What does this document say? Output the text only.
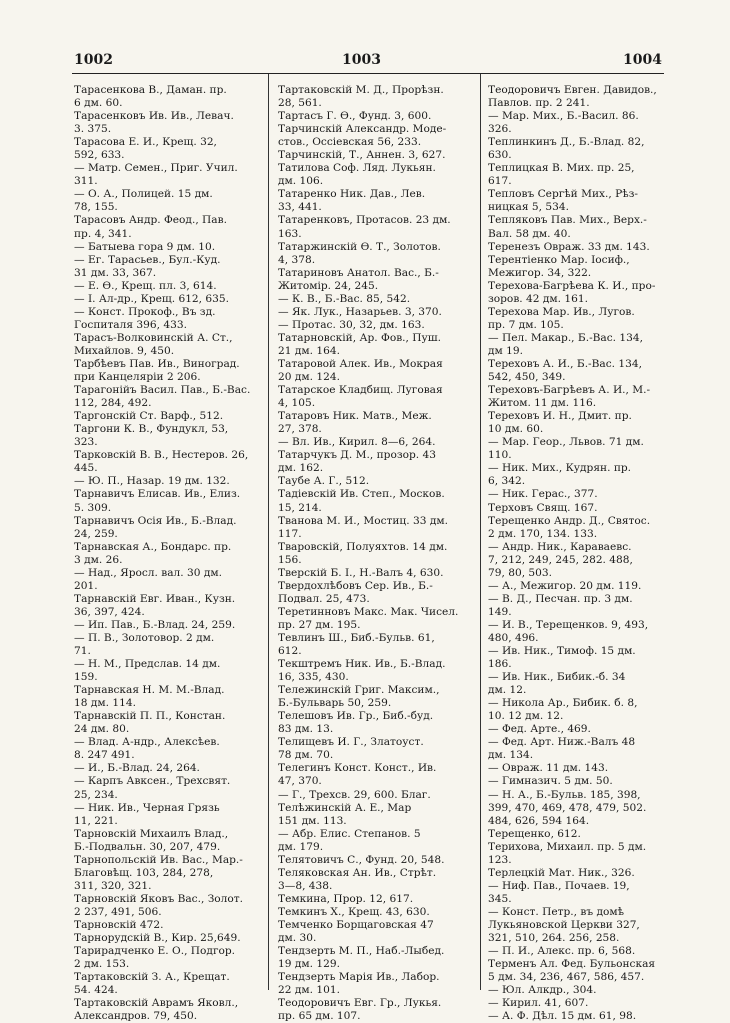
1002	1003	1004
Тарасенкова В., Даман. пр.
6 дм. 60.
Тарасенковъ Ив. Ив., Левач.
3. 375.
Тарасова Е. И., Крещ. 32,
592, 633.
— Матр. Семен., Приг. Учил.
311.
— О. А., Полицей. 15 дм.
78, 155.
Тарасовъ Андр. Феод., Пав.
пр. 4, 341.
— Батыева гора 9 дм. 10.
— Ег. Тарасьев., Бул.-Куд.
31 дм. 33, 367.
— Е. Ө., Крещ. пл. 3, 614.
— І. Ал-др., Крещ. 612, 635.
— Конст. Прокоф., Въ зд.
Госпиталя 396, 433.
Тарасъ-Волковинскій А. Ст.,
Михайлов. 9, 450.
Тарбѣевъ Пав. Ив., Виноград.
при Канцеляріи 2 206.
Тарагонійъ Васил. Пав., Б.-Вас.
112, 284, 492.
Таргонскій Ст. Варф., 512.
Таргони К. В., Фундукл, 53,
323.
Тарковскій В. В., Нестеров. 26,
445.
— Ю. П., Назар. 19 дм. 132.
Тарнавичъ Елисав. Ив., Елиз.
5. 309.
Тарнавичъ Осія Ив., Б.-Влад.
24, 259.
Тарнавская А., Бондарс. пр.
3 дм. 26.
— Над., Яросл. вал. 30 дм.
201.
Тарнавскій Евг. Иван., Кузн.
36, 397, 424.
— Ип. Пав., Б.-Влад. 24, 259.
— П. В., Золотовор. 2 дм.
71.
— Н. М., Предслав. 14 дм.
159.
Тарнавская Н. М. М.-Влад.
18 дм. 114.
Тарнавскій П. П., Констан.
24 дм. 80.
— Влад. А-ндр., Алексѣев.
8. 247 491.
— И., Б.-Влад. 24, 264.
— Карпъ Авксен., Трехсвят.
25, 234.
— Ник. Ив., Черная Грязь
11, 221.
Тарновскій Михаилъ Влад.,
Б.-Подвальн. 30, 207, 479.
Тарнопольскій Ив. Вас., Мар.-
Благовѣщ. 103, 284, 278,
311, 320, 321.
Тарновскій Яковъ Вас., Золот.
2 237, 491, 506.
Тарновскій 472.
Тарнорудскій В., Кир. 25,649.
Тарирадченко Е. О., Подгор.
2 дм. 153.
Тартаковскій З. А., Крещат.
54. 424.
Тартаковскій Аврамъ Яковл.,
Александров. 79, 450.
Тартаковскій М. Д., Прорѣзн.
28, 561.
Тартасъ Г. Ө., Фунд. 3, 600.
Тарчинскій Александр. Моде-
стов., Оссіевская 56, 233.
Тарчинскій, Т., Аннен. 3, 627.
Татилова Соф. Ляд. Лукьян.
дм. 106.
Татаренко Ник. Дав., Лев.
33, 441.
Татаренковъ, Протасов. 23 дм.
163.
Татаржинскій Ө. Т., Золотов.
4, 378.
Татариновъ Анатол. Вас., Б.-
Житомір. 24, 245.
— К. В., Б.-Вас. 85, 542.
— Як. Лук., Назарьев. 3, 370.
— Протас. 30, 32, дм. 163.
Татарновскій, Ар. Фов., Пуш.
21 дм. 164.
Татаровой Алек. Ив., Мокрая
20 дм. 124.
Татарское Кладбищ. Луговая
4, 105.
Татаровъ Ник. Матв., Меж.
27, 378.
— Вл. Ив., Кирил. 8—6, 264.
Татарчукъ Д. М., прозор. 43
дм. 162.
Таубе А. Г., 512.
Тадіевскій Ив. Степ., Москов.
15, 214.
Тванова М. И., Мостиц. 33 дм.
117.
Тваровскій, Полуяхтов. 14 дм.
156.
Тверскій Б. І., Н.-Валъ 4, 630.
Твердохлѣбовъ Сер. Ив., Б.-
Подвал. 25, 473.
Теретинновъ Макс. Мак. Чисел.
пр. 27 дм. 195.
Тевлинъ Ш., Биб.-Бульв. 61,
612.
Текштремъ Ник. Ив., Б.-Влад.
16, 335, 430.
Тележинскій Григ. Максим.,
Б.-Бульварь 50, 259.
Телешовъ Ив. Гр., Биб.-буд.
83 дм. 13.
Телищевъ И. Г., Златоуст.
78 дм. 70.
Телегинъ Конст. Конст., Ив.
47, 370.
— Г., Трехсв. 29, 600. Благ.
Телѣжинскій А. Е., Мар
151 дм. 113.
— Абр. Елис. Степанов. 5
дм. 179.
Телятовичъ С., Фунд. 20, 548.
Теляковская Ан. Ив., Стрѣт.
3—8, 438.
Темкина, Прор. 12, 617.
Темкинъ Х., Крещ. 43, 630.
Темченко Борщаговская 47
дм. 30.
Тендзерть М. П., Наб.-Лыбед.
19 дм. 129.
Тендзерть Марія Ив., Лабор.
22 дм. 101.
Теодоровичъ Евг. Гр., Лукья.
пр. 65 дм. 107.
Теодоровичъ Евген. Давидов.,
Павлов. пр. 2 241.
— Мар. Мих., Б.-Васил. 86.
326.
Теплинкинъ Д., Б.-Влад. 82,
630.
Теплицкая В. Мих. пр. 25,
617.
Тепловъ Сергѣй Мих., Рѣз-
ницкая 5, 534.
Тепляковъ Пав. Мих., Верх.-
Вал. 58 дм. 40.
Теренезъ Овраж. 33 дм. 143.
Терентіенко Мар. Іосиф.,
Межигор. 34, 322.
Терехова-Багрѣева К. И., про-
зоров. 42 дм. 161.
Терехова Мар. Ив., Лугов.
пр. 7 дм. 105.
— Пел. Макар., Б.-Вас. 134,
дм 19.
Тереховъ А. И., Б.-Вас. 134,
542, 450, 349.
Тереховъ-Багрѣевъ А. И., М.-
Житом. 11 дм. 116.
Тереховъ И. Н., Дмит. пр.
10 дм. 60.
— Мар. Геор., Львов. 71 дм.
110.
— Ник. Мих., Кудрян. пр.
6, 342.
— Ник. Герас., 377.
Терховъ Свящ. 167.
Терещенко Андр. Д., Святос.
2 дм. 170, 134. 133.
— Андр. Ник., Караваевс.
7, 212, 249, 245, 282. 488,
79, 80, 503.
— А., Межигор. 20 дм. 119.
— В. Д., Песчан. пр. 3 дм.
149.
— И. В., Терещенков. 9, 493,
480, 496.
— Ив. Ник., Тимоф. 15 дм.
186.
— Ив. Ник., Бибик.-б. 34
дм. 12.
— Никола Ар., Бибик. б. 8,
10. 12 дм. 12.
— Фед. Арте., 469.
— Фед. Арт. Ниж.-Валъ 48
дм. 134.
— Овраж. 11 дм. 143.
— Гимназич. 5 дм. 50.
— Н. А., Б.-Бульв. 185, 398,
399, 470, 469, 478, 479, 502.
484, 626, 594 164.
Терещенко, 612.
Терихова, Михаил. пр. 5 дм.
123.
Терлецкій Мат. Ник., 326.
— Ниф. Пав., Почаев. 19,
345.
— Конст. Петр., въ домѣ
Лукьяновской Церкви 327,
321, 510, 264. 256, 258.
— П. И., Алекс. пр. 6, 568.
Терменъ Ал. Фед. Бульонская
5 дм. 34, 236, 467, 586, 457.
— Юл. Алкдр., 304.
— Кирил. 41, 607.
— А. Ф. Дѣл. 15 дм. 61, 98.
